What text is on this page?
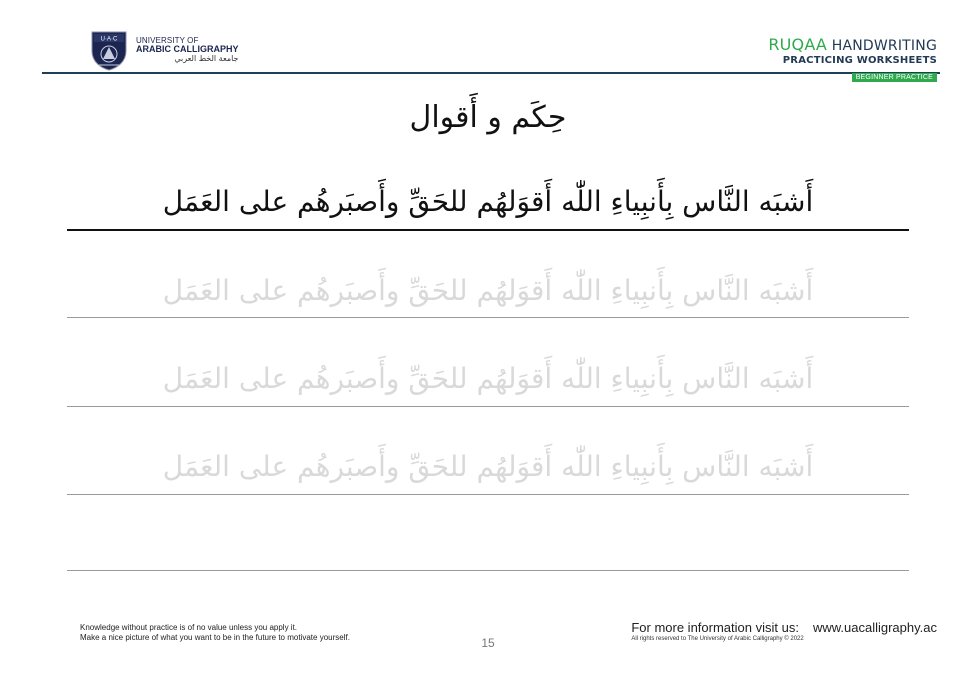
U·A·C UNIVERSITY OF
ARABIC CALLIGRAPHY
جامعة الخط العربي
RUQAA HANDWRITING
PRACTICING WORKSHEETS
BEGINNER PRACTICE
حِكَم و أَقوال
أَشبَه النَّاس بِأَنبِياءِ اللّٰه أَقوَلهُم للحَقِّ وأَصبَرهُم على العَمَل
أَشبَه النَّاس بِأَنبِياءِ اللّٰه أَقوَلهُم للحَقِّ وأَصبَرهُم على العَمَل
أَشبَه النَّاس بِأَنبِياءِ اللّٰه أَقوَلهُم للحَقِّ وأَصبَرهُم على العَمَل
أَشبَه النَّاس بِأَنبِياءِ اللّٰه أَقوَلهُم للحَقِّ وأَصبَرهُم على العَمَل
Knowledge without practice is of no value unless you apply it.
Make a nice picture of what you want to be in the future to motivate yourself.	15
For more information visit us: www.uacalligraphy.ac
All rights reserved to The University of Arabic Calligraphy © 2022
